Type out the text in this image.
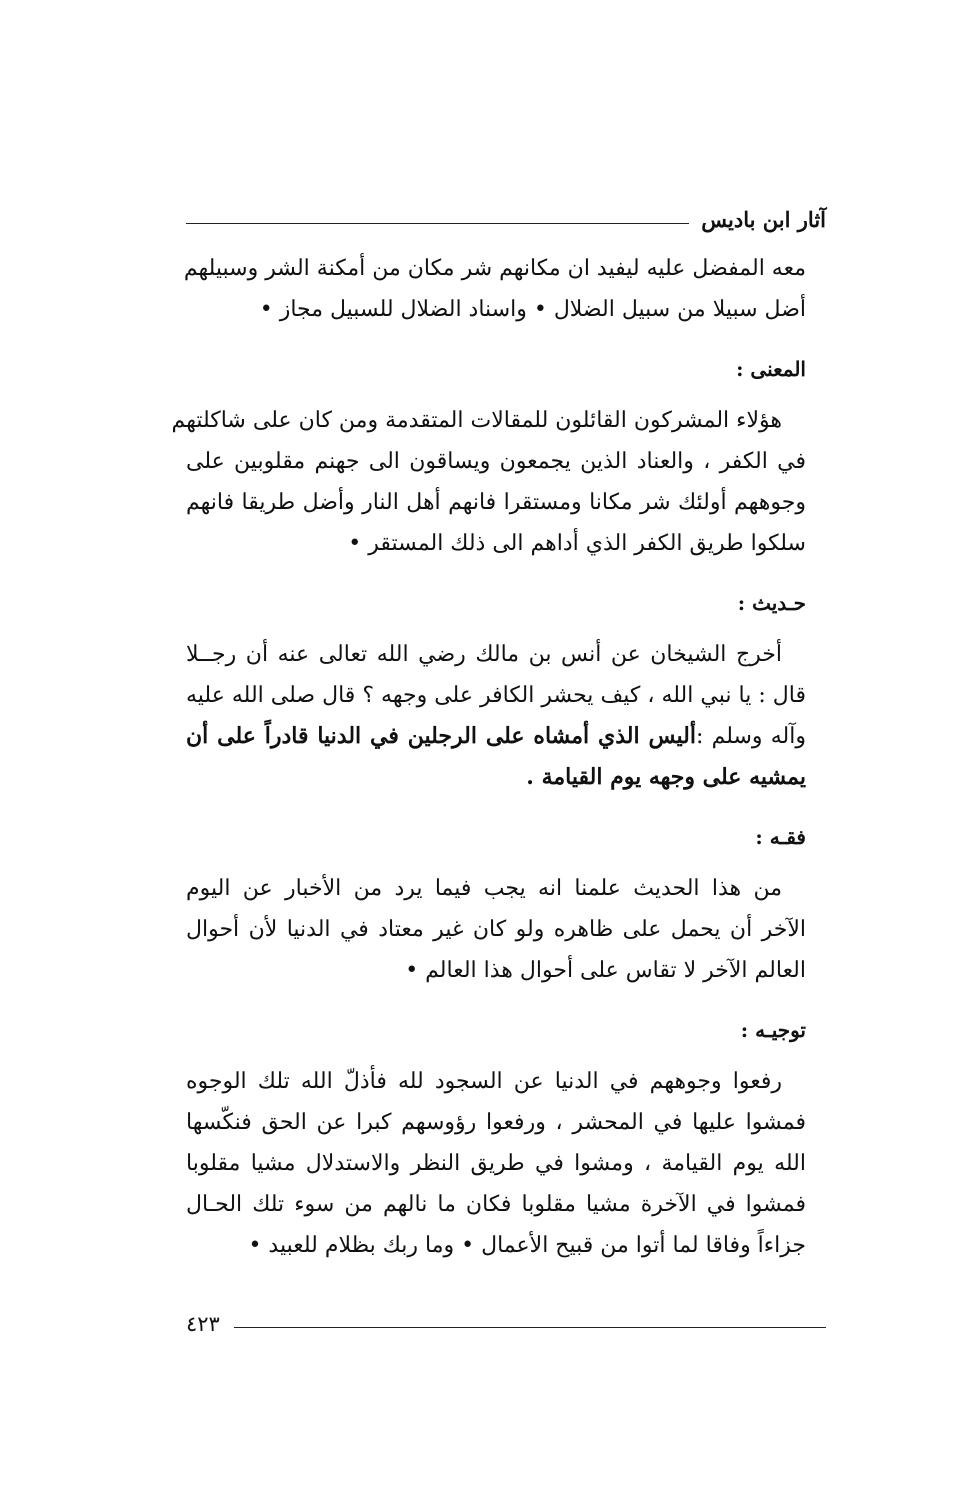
آثار ابن باديس

معه المفضل عليه ليفيد ان مكانهم شر مكان من أمكنة الشر وسبيلهم
أضل سبيلا من سبيل الضلال • واسناد الضلال للسبيل مجاز •

المعنى :

هؤلاء المشركون القائلون للمقالات المتقدمة ومن كان على شاكلتهم
في الكفر ، والعناد الذين يجمعون ويساقون الى جهنم مقلوبين على
وجوههم أولئك شر مكانا ومستقرا فانهم أهل النار وأضل طريقا فانهم
سلكوا طريق الكفر الذي أداهم الى ذلك المستقر •

حـديث :

أخرج الشيخان عن أنس بن مالك رضي الله تعالى عنه أن رجــلا
قال : يا نبي الله ، كيف يحشر الكافر على وجهه ؟ قال صلى الله عليه
وآله وسلم :أليس الذي أمشاه على الرجلين في الدنيا قادراً على أن
يمشيه على وجهه يوم القيامة .

فقـه :

من هذا الحديث علمنا انه يجب فيما يرد من الأخبار عن اليوم
الآخر أن يحمل على ظاهره ولو كان غير معتاد في الدنيا لأن أحوال
العالم الآخر لا تقاس على أحوال هذا العالم •

توجيـه :

رفعوا وجوههم في الدنيا عن السجود لله فأذلّ الله تلك الوجوه
فمشوا عليها في المحشر ، ورفعوا رؤوسهم كبرا عن الحق فنكّسها
الله يوم القيامة ، ومشوا في طريق النظر والاستدلال مشيا مقلوبا
فمشوا في الآخرة مشيا مقلوبا فكان ما نالهم من سوء تلك الحـال
جزاءاً وفاقا لما أتوا من قبيح الأعمال • وما ربك بظلام للعبيد •

٤٢٣
